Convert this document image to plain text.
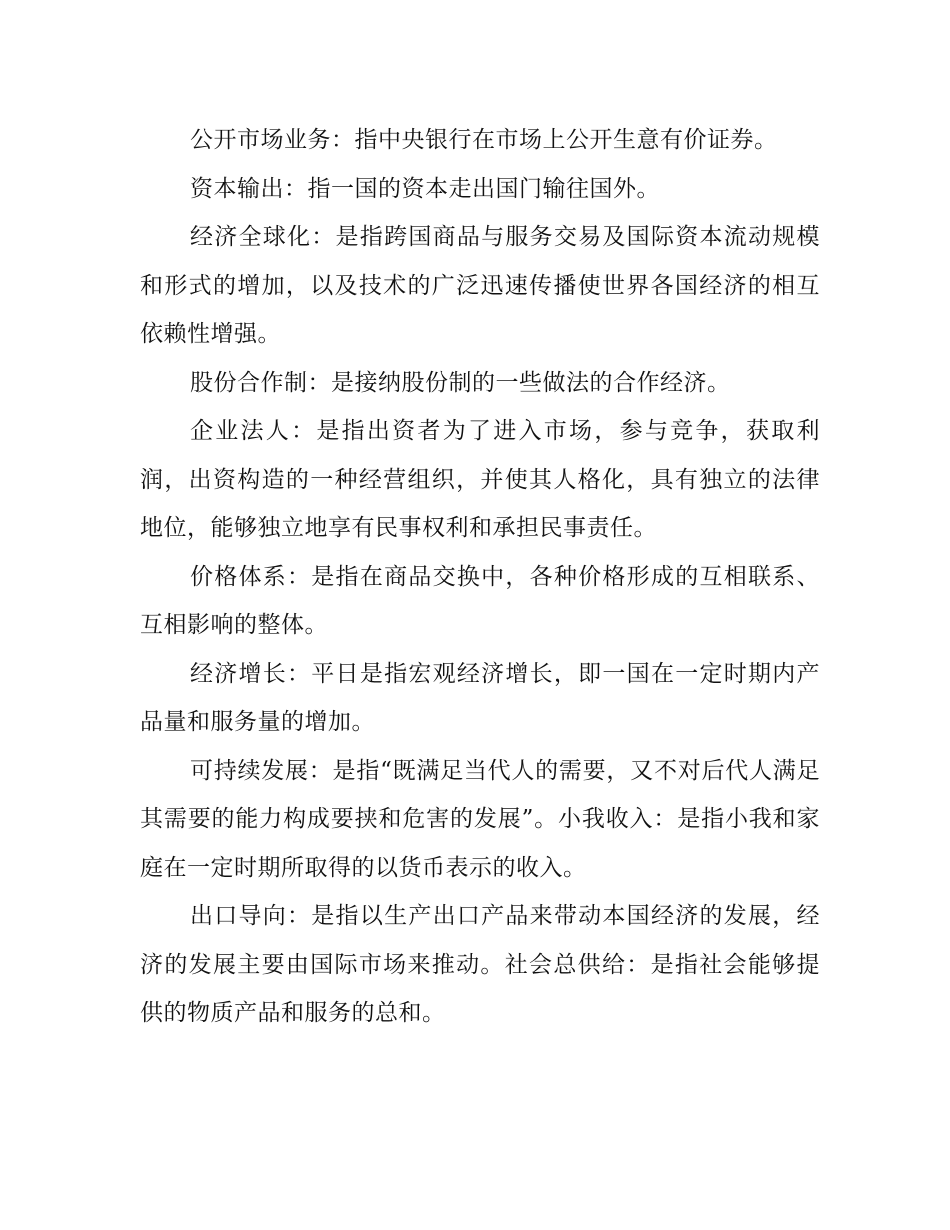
公开市场业务：指中央银行在市场上公开生意有价证券。

资本输出：指一国的资本走出国门输往国外。

经济全球化：是指跨国商品与服务交易及国际资本流动规模和形式的增加，以及技术的广泛迅速传播使世界各国经济的相互依赖性增强。

股份合作制：是接纳股份制的一些做法的合作经济。

企业法人：是指出资者为了进入市场，参与竞争，获取利润，出资构造的一种经营组织，并使其人格化，具有独立的法律地位，能够独立地享有民事权利和承担民事责任。

价格体系：是指在商品交换中，各种价格形成的互相联系、互相影响的整体。

经济增长：平日是指宏观经济增长，即一国在一定时期内产品量和服务量的增加。

可持续发展：是指“既满足当代人的需要，又不对后代人满足其需要的能力构成要挟和危害的发展”。小我收入：是指小我和家庭在一定时期所取得的以货币表示的收入。

出口导向：是指以生产出口产品来带动本国经济的发展，经济的发展主要由国际市场来推动。社会总供给：是指社会能够提供的物质产品和服务的总和。
